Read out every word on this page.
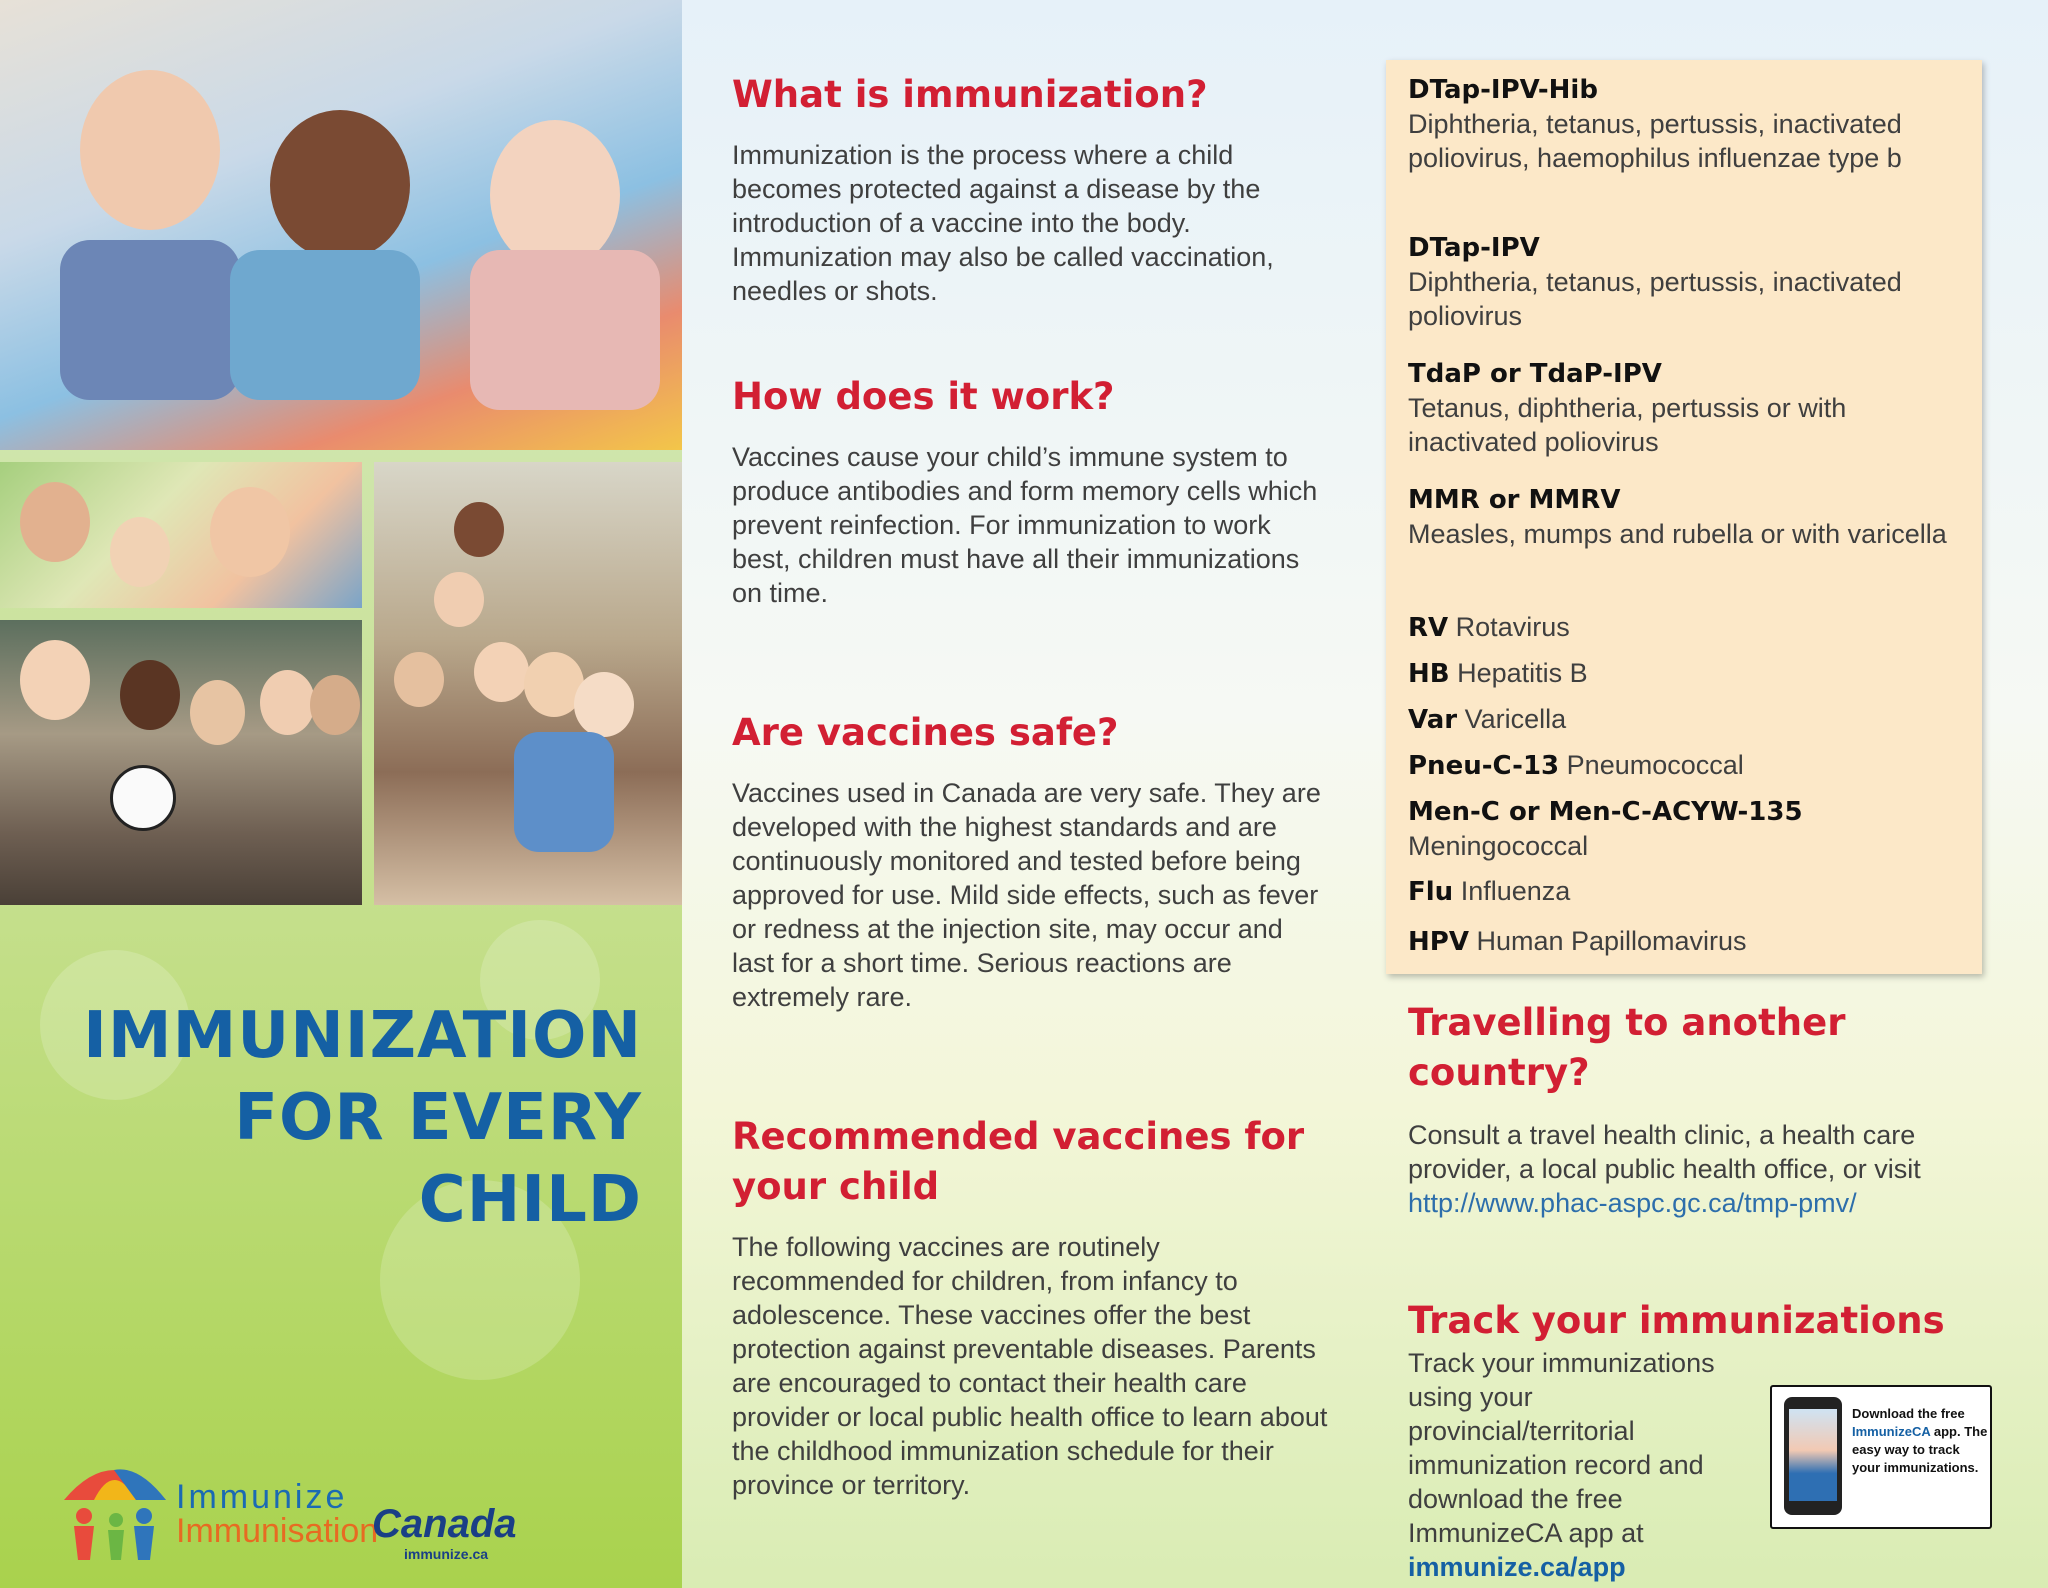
IMMUNIZATION
FOR EVERY
CHILD
Immunize
Immunisation
Canada
immunize.ca
What is immunization?

Immunization is the process where a child becomes protected against a disease by the introduction of a vaccine into the body. Immunization may also be called vaccination, needles or shots.

How does it work?

Vaccines cause your child’s immune system to produce antibodies and form memory cells which prevent reinfection. For immunization to work best, children must have all their immunizations on time.

Are vaccines safe?

Vaccines used in Canada are very safe. They are developed with the highest standards and are continuously monitored and tested before being approved for use. Mild side effects, such as fever or redness at the injection site, may occur and last for a short time. Serious reactions are extremely rare.

Recommended vaccines for your child

The following vaccines are routinely recommended for children, from infancy to adolescence. These vaccines offer the best protection against preventable diseases. Parents are encouraged to contact their health care provider or local public health office to learn about the childhood immunization schedule for their province or territory.

DTap-IPV-Hib
Diphtheria, tetanus, pertussis, inactivated poliovirus, haemophilus influenzae type b
DTap-IPV
Diphtheria, tetanus, pertussis, inactivated poliovirus
TdaP or TdaP-IPV
Tetanus, diphtheria, pertussis or with inactivated poliovirus
MMR or MMRV
Measles, mumps and rubella or with varicella
RV Rotavirus
HB Hepatitis B
Var Varicella
Pneu-C-13 Pneumococcal
Men-C or Men-C-ACYW-135
Meningococcal
Flu Influenza
HPV Human Papillomavirus
Travelling to another country?

Consult a travel health clinic, a health care provider, a local public health office, or visit http://www.phac-aspc.gc.ca/tmp-pmv/

Track your immunizations

Track your immunizations using your provincial/territorial immunization record and download the free ImmunizeCA app at
immunize.ca/app

Download the free ImmunizeCA app. The easy way to track your immunizations.
